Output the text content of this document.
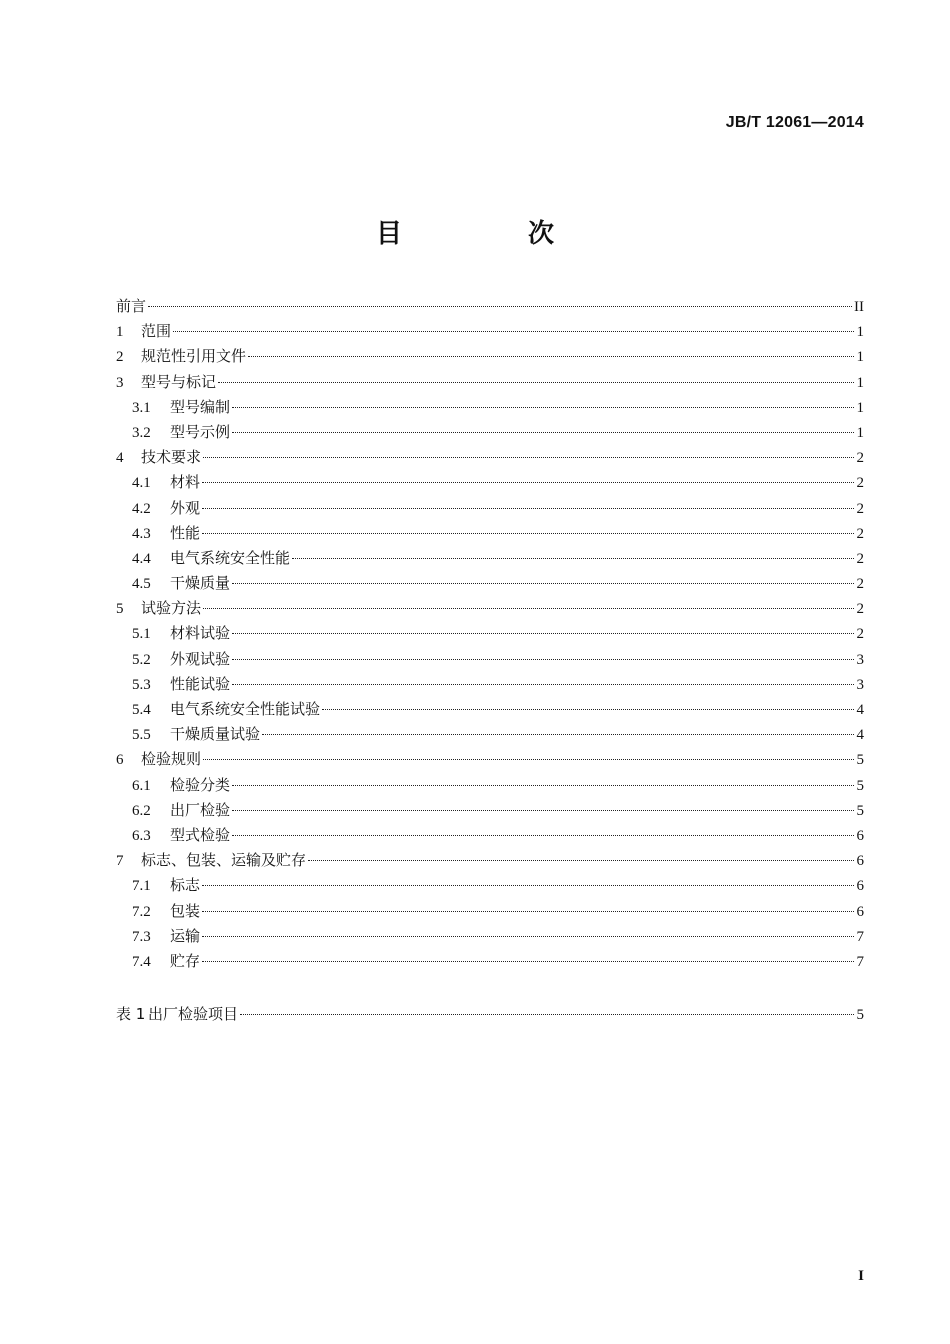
JB/T 12061—2014
目　次
前言	II
1	范围	1
2	规范性引用文件	1
3	型号与标记	1
3.1	型号编制	1
3.2	型号示例	1
4	技术要求	2
4.1	材料	2
4.2	外观	2
4.3	性能	2
4.4	电气系统安全性能	2
4.5	干燥质量	2
5	试验方法	2
5.1	材料试验	2
5.2	外观试验	3
5.3	性能试验	3
5.4	电气系统安全性能试验	4
5.5	干燥质量试验	4
6	检验规则	5
6.1	检验分类	5
6.2	出厂检验	5
6.3	型式检验	6
7	标志、包装、运输及贮存	6
7.1	标志	6
7.2	包装	6
7.3	运输	7
7.4	贮存	7
表 1 出厂检验项目	5
I
